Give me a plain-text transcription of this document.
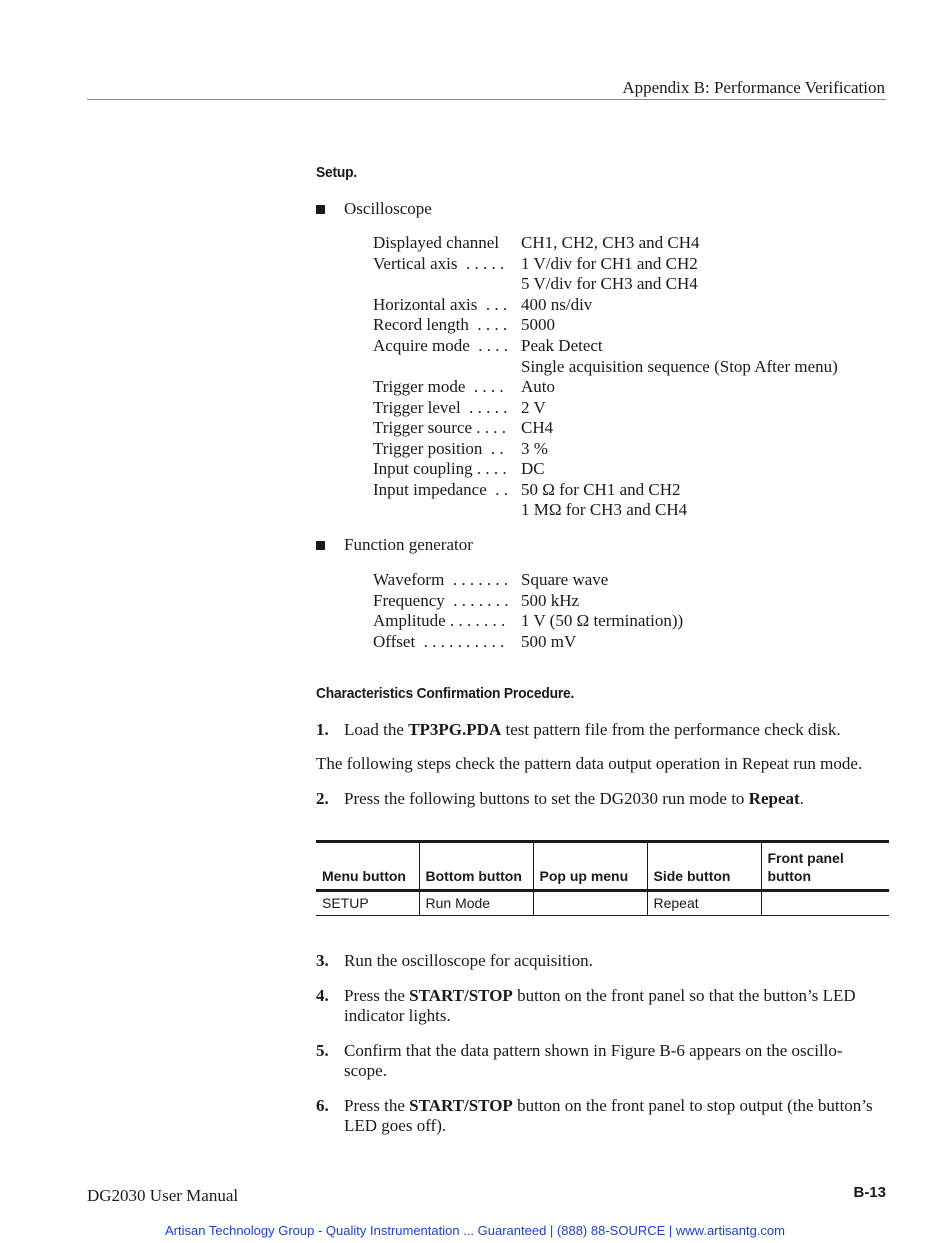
Appendix B: Performance Verification
Setup.
Oscilloscope
Displayed channel CH1, CH2, CH3 and CH4
Vertical axis  . . . . . 1 V/div for CH1 and CH2
5 V/div for CH3 and CH4
Horizontal axis  . . . 400 ns/div
Record length  . . . . 5000
Acquire mode  . . . . Peak Detect
Single acquisition sequence (Stop After menu)
Trigger mode  . . . . Auto
Trigger level  . . . . . 2 V
Trigger source . . . . CH4
Trigger position  . . 3 %
Input coupling . . . . DC
Input impedance  . . 50 Ω for CH1 and CH2
1 MΩ for CH3 and CH4
Function generator
Waveform  . . . . . . . Square wave
Frequency  . . . . . . . 500 kHz
Amplitude . . . . . . . 1 V (50 Ω termination))
Offset  . . . . . . . . . . 500 mV
Characteristics Confirmation Procedure.
1. Load the TP3PG.PDA test pattern file from the performance check disk.
The following steps check the pattern data output operation in Repeat run mode.
2. Press the following buttons to set the DG2030 run mode to Repeat.
Menu button	Bottom button	Pop up menu	Side button	Front panel button
SETUP	Run Mode		Repeat	
3. Run the oscilloscope for acquisition.
4. Press the START/STOP button on the front panel so that the button’s LED indicator lights.
5. Confirm that the data pattern shown in Figure B-6 appears on the oscillo-scope.
6. Press the START/STOP button on the front panel to stop output (the button’s LED goes off).
DG2030 User Manual	B-13
Artisan Technology Group - Quality Instrumentation ... Guaranteed | (888) 88-SOURCE | www.artisantg.com
